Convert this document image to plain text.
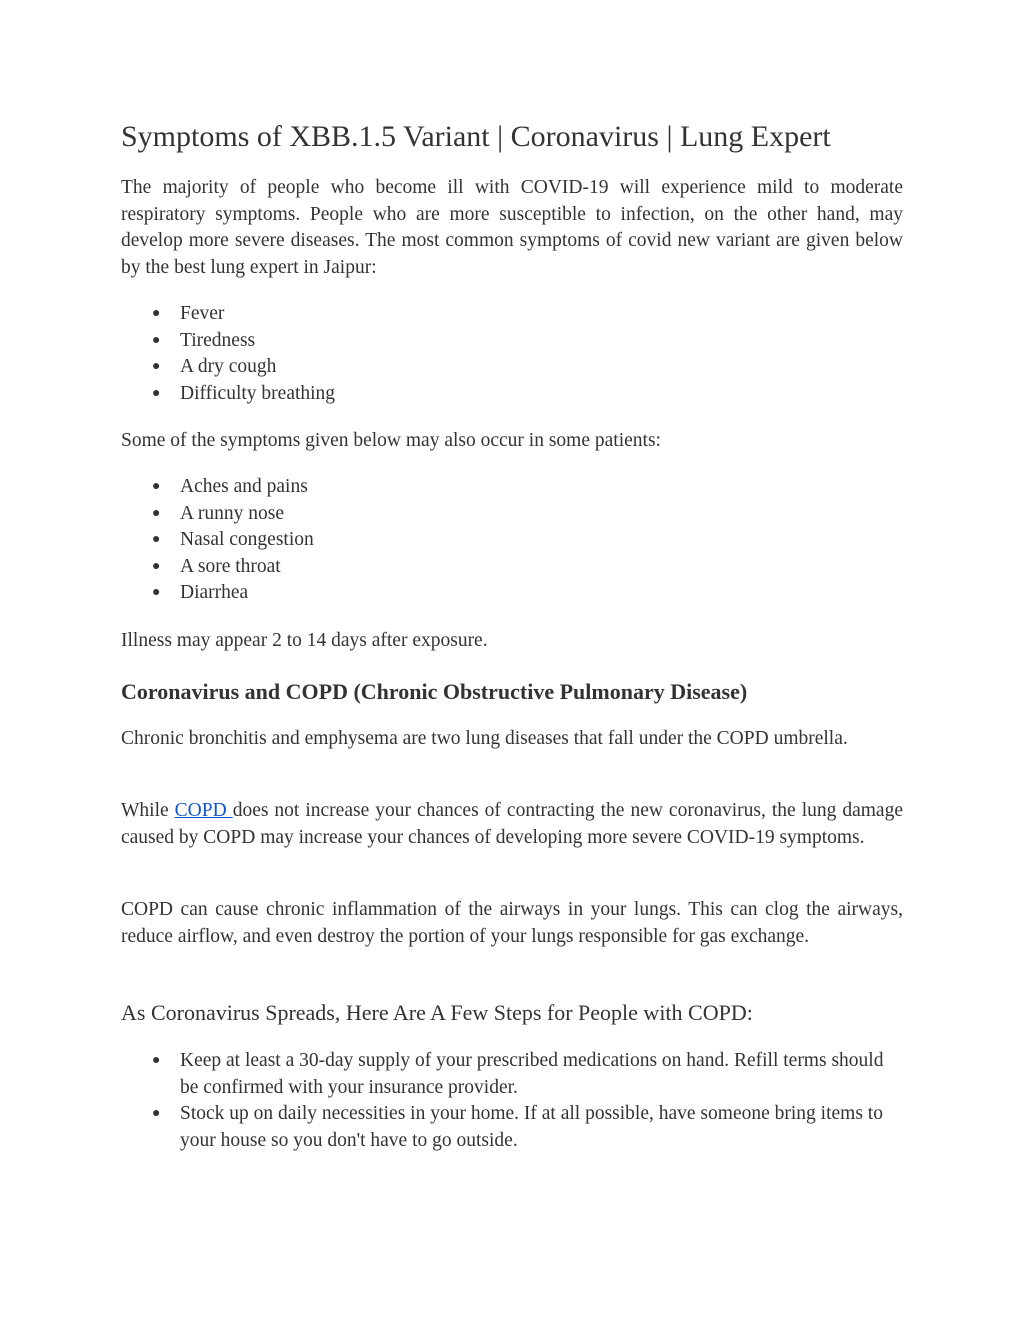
Symptoms of XBB.1.5 Variant | Coronavirus | Lung Expert

The majority of people who become ill with COVID-19 will experience mild to moderate respiratory symptoms. People who are more susceptible to infection, on the other hand, may develop more severe diseases. The most common symptoms of covid new variant are given below by the best lung expert in Jaipur:

● Fever
● Tiredness
● A dry cough
● Difficulty breathing

Some of the symptoms given below may also occur in some patients:

● Aches and pains
● A runny nose
● Nasal congestion
● A sore throat
● Diarrhea

Illness may appear 2 to 14 days after exposure.

Coronavirus and COPD (Chronic Obstructive Pulmonary Disease)

Chronic bronchitis and emphysema are two lung diseases that fall under the COPD umbrella.

While COPD does not increase your chances of contracting the new coronavirus, the lung damage caused by COPD may increase your chances of developing more severe COVID-19 symptoms.

COPD can cause chronic inflammation of the airways in your lungs. This can clog the airways, reduce airflow, and even destroy the portion of your lungs responsible for gas exchange.

As Coronavirus Spreads, Here Are A Few Steps for People with COPD:
● Keep at least a 30-day supply of your prescribed medications on hand. Refill terms should be confirmed with your insurance provider.
● Stock up on daily necessities in your home. If at all possible, have someone bring items to your house so you don't have to go outside.
